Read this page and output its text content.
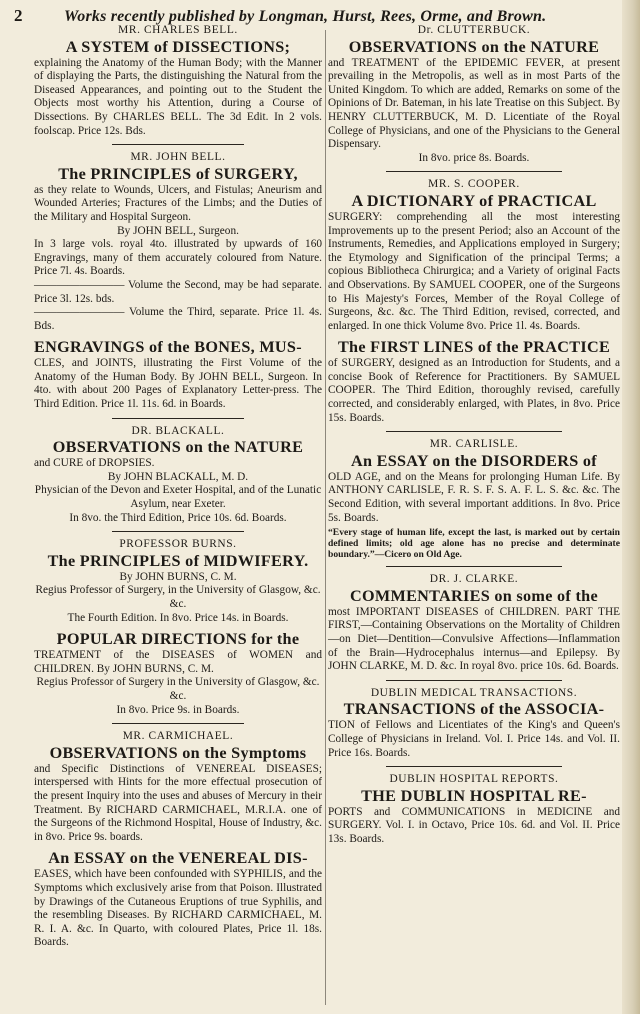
2	Works recently published by Longman, Hurst, Rees, Orme, and Brown.

MR. CHARLES BELL.

A SYSTEM of DISSECTIONS;

explaining the Anatomy of the Human Body; with the Manner of displaying the Parts, the distinguishing the Natural from the Diseased Appearances, and pointing out to the Student the Objects most worthy his Attention, during a Course of Dissections. By CHARLES BELL. The 3d Edit. In 2 vols. foolscap. Price 12s. Bds.

MR. JOHN BELL.

The PRINCIPLES of SURGERY,

as they relate to Wounds, Ulcers, and Fistulas; Aneurism and Wounded Arteries; Fractures of the Limbs; and the Duties of the Military and Hospital Surgeon.

By JOHN BELL, Surgeon.

In 3 large vols. royal 4to. illustrated by upwards of 160 Engravings, many of them accurately coloured from Nature. Price 7l. 4s. Boards.

———————— Volume the Second, may be had separate. Price 3l. 12s. bds.

———————— Volume the Third, separate. Price 1l. 4s. Bds.

ENGRAVINGS of the BONES, MUS-

CLES, and JOINTS, illustrating the First Volume of the Anatomy of the Human Body. By JOHN BELL, Surgeon. In 4to. with about 200 Pages of Explanatory Letter-press. The Third Edition. Price 1l. 11s. 6d. in Boards.

DR. BLACKALL.

OBSERVATIONS on the NATURE

and CURE of DROPSIES.

By JOHN BLACKALL, M. D.

Physician of the Devon and Exeter Hospital, and of the Lunatic Asylum, near Exeter.

In 8vo. the Third Edition, Price 10s. 6d. Boards.

PROFESSOR BURNS.

The PRINCIPLES of MIDWIFERY.

By JOHN BURNS, C. M.

Regius Professor of Surgery, in the University of Glasgow, &c. &c.

The Fourth Edition. In 8vo. Price 14s. in Boards.

POPULAR DIRECTIONS for the

TREATMENT of the DISEASES of WOMEN and CHILDREN. By JOHN BURNS, C. M.

Regius Professor of Surgery in the University of Glasgow, &c. &c.

In 8vo. Price 9s. in Boards.

MR. CARMICHAEL.

OBSERVATIONS on the Symptoms

and Specific Distinctions of VENEREAL DISEASES; interspersed with Hints for the more effectual prosecution of the present Inquiry into the uses and abuses of Mercury in their Treatment. By RICHARD CARMICHAEL, M.R.I.A. one of the Surgeons of the Richmond Hospital, House of Industry, &c. in 8vo. Price 9s. boards.

An ESSAY on the VENEREAL DIS-

EASES, which have been confounded with SYPHILIS, and the Symptoms which exclusively arise from that Poison. Illustrated by Drawings of the Cutaneous Eruptions of true Syphilis, and the resembling Diseases. By RICHARD CARMICHAEL, M. R. I. A. &c. In Quarto, with coloured Plates, Price 1l. 18s. Boards.

Dr. CLUTTERBUCK.

OBSERVATIONS on the NATURE

and TREATMENT of the EPIDEMIC FEVER, at present prevailing in the Metropolis, as well as in most Parts of the United Kingdom. To which are added, Remarks on some of the Opinions of Dr. Bateman, in his late Treatise on this Subject. By HENRY CLUTTERBUCK, M. D. Licentiate of the Royal College of Physicians, and one of the Physicians to the General Dispensary.

In 8vo. price 8s. Boards.

MR. S. COOPER.

A DICTIONARY of PRACTICAL

SURGERY: comprehending all the most interesting Improvements up to the present Period; also an Account of the Instruments, Remedies, and Applications employed in Surgery; the Etymology and Signification of the principal Terms; a copious Bibliotheca Chirurgica; and a Variety of original Facts and Observations. By SAMUEL COOPER, one of the Surgeons to His Majesty's Forces, Member of the Royal College of Surgeons, &c. &c. The Third Edition, revised, corrected, and enlarged. In one thick Volume 8vo. Price 1l. 4s. Boards.

The FIRST LINES of the PRACTICE

of SURGERY, designed as an Introduction for Students, and a concise Book of Reference for Practitioners. By SAMUEL COOPER. The Third Edition, thoroughly revised, carefully corrected, and considerably enlarged, with Plates, in 8vo. Price 15s. Boards.

MR. CARLISLE.

An ESSAY on the DISORDERS of

OLD AGE, and on the Means for prolonging Human Life. By ANTHONY CARLISLE, F. R. S. F. S. A. F. L. S. &c. &c. The Second Edition, with several important additions. In 8vo. Price 5s. Boards.

“Every stage of human life, except the last, is marked out by certain defined limits; old age alone has no precise and determinate boundary.”—Cicero on Old Age.

DR. J. CLARKE.

COMMENTARIES on some of the

most IMPORTANT DISEASES of CHILDREN. PART THE FIRST,—Containing Observations on the Mortality of Children—on Diet—Dentition—Convulsive Affections—Inflammation of the Brain—Hydrocephalus internus—and Epilepsy. By JOHN CLARKE, M. D. &c. In royal 8vo. price 10s. 6d. Boards.

DUBLIN MEDICAL TRANSACTIONS.

TRANSACTIONS of the ASSOCIA-

TION of Fellows and Licentiates of the King's and Queen's College of Physicians in Ireland. Vol. I. Price 14s. and Vol. II. Price 16s. Boards.

DUBLIN HOSPITAL REPORTS.

THE DUBLIN HOSPITAL RE-

PORTS and COMMUNICATIONS in MEDICINE and SURGERY. Vol. I. in Octavo, Price 10s. 6d. and Vol. II. Price 13s. Boards.
